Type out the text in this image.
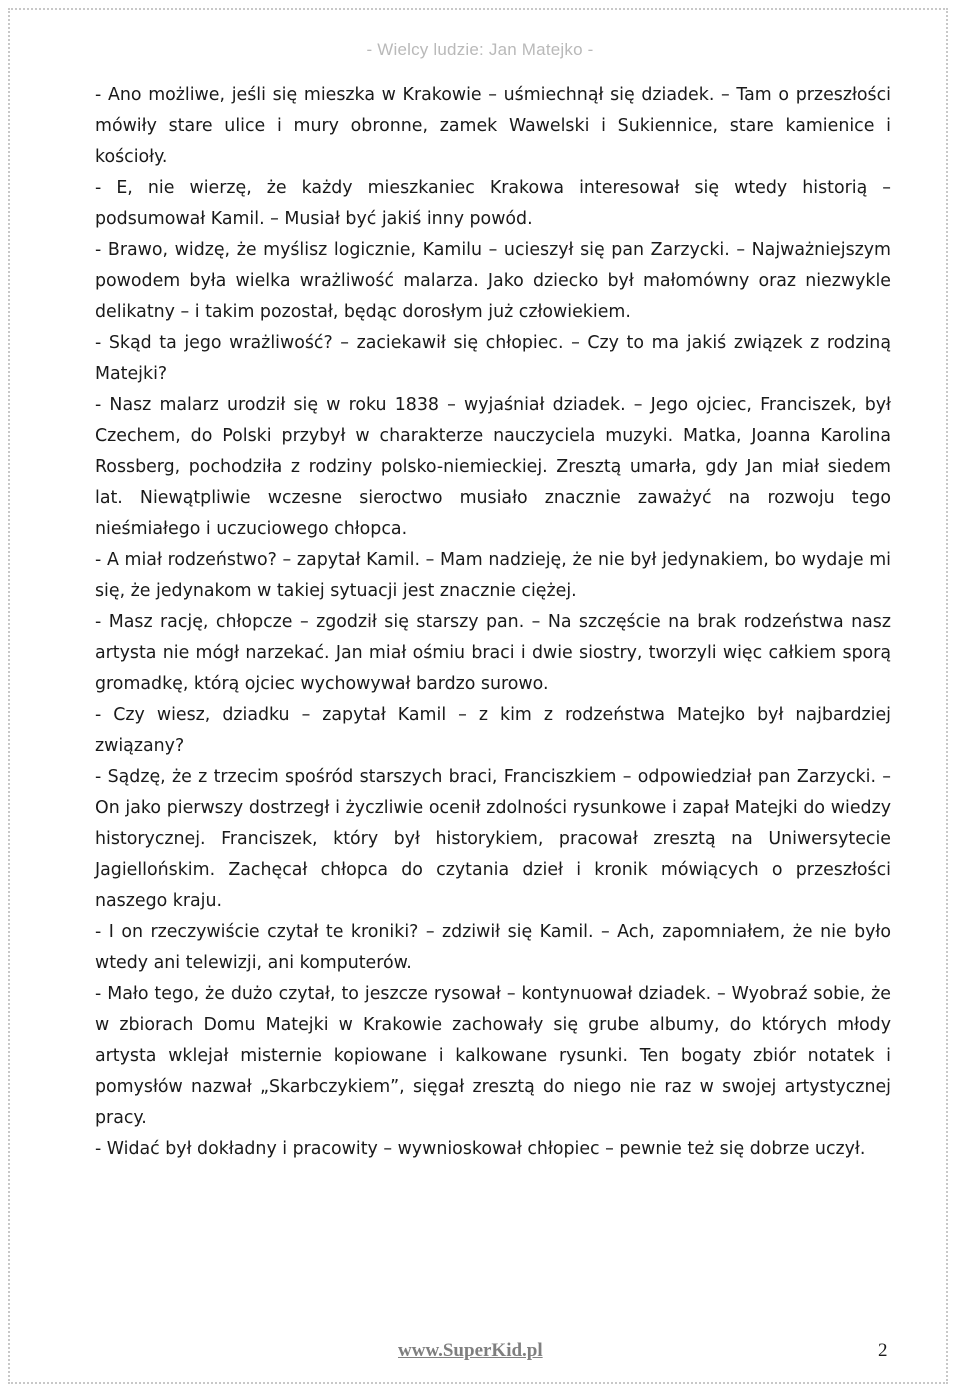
- Wielcy ludzie: Jan Matejko -

- Ano możliwe, jeśli się mieszka w Krakowie – uśmiechnął się dziadek. – Tam o przeszłości mówiły stare ulice i mury obronne, zamek Wawelski i Sukiennice, stare kamienice i kościoły.

- E, nie wierzę, że każdy mieszkaniec Krakowa interesował się wtedy historią – podsumował Kamil. – Musiał być jakiś inny powód.

- Brawo, widzę, że myślisz logicznie, Kamilu – ucieszył się pan Zarzycki. – Najważniejszym powodem była wielka wrażliwość malarza. Jako dziecko był małomówny oraz niezwykle delikatny – i takim pozostał, będąc dorosłym już człowiekiem.

- Skąd ta jego wrażliwość? – zaciekawił się chłopiec. – Czy to ma jakiś związek z rodziną Matejki?

- Nasz malarz urodził się w roku 1838 – wyjaśniał dziadek. – Jego ojciec, Franciszek, był Czechem, do Polski przybył w charakterze nauczyciela muzyki. Matka, Joanna Karolina Rossberg, pochodziła z rodziny polsko-niemieckiej. Zresztą umarła, gdy Jan miał siedem lat. Niewątpliwie wczesne sieroctwo musiało znacznie zaważyć na rozwoju tego nieśmiałego i uczuciowego chłopca.

- A miał rodzeństwo? – zapytał Kamil. – Mam nadzieję, że nie był jedynakiem, bo wydaje mi się, że jedynakom w takiej sytuacji jest znacznie ciężej.

- Masz rację, chłopcze – zgodził się starszy pan. – Na szczęście na brak rodzeństwa nasz artysta nie mógł narzekać. Jan miał ośmiu braci i dwie siostry, tworzyli więc całkiem sporą gromadkę, którą ojciec wychowywał bardzo surowo.

- Czy wiesz, dziadku – zapytał Kamil – z kim z rodzeństwa Matejko był najbardziej związany?

- Sądzę, że z trzecim spośród starszych braci, Franciszkiem – odpowiedział pan Zarzycki. – On jako pierwszy dostrzegł i życzliwie ocenił zdolności rysunkowe i zapał Matejki do wiedzy historycznej. Franciszek, który był historykiem, pracował zresztą na Uniwersytecie Jagiellońskim. Zachęcał chłopca do czytania dzieł i kronik mówiących o przeszłości naszego kraju.

- I on rzeczywiście czytał te kroniki? – zdziwił się Kamil. – Ach, zapomniałem, że nie było wtedy ani telewizji, ani komputerów.

- Mało tego, że dużo czytał, to jeszcze rysował – kontynuował dziadek. – Wyobraź sobie, że w zbiorach Domu Matejki w Krakowie zachowały się grube albumy, do których młody artysta wklejał misternie kopiowane i kalkowane rysunki. Ten bogaty zbiór notatek i pomysłów nazwał „Skarbczykiem”, sięgał zresztą do niego nie raz w swojej artystycznej pracy.

- Widać był dokładny i pracowity – wywnioskował chłopiec – pewnie też się dobrze uczył.

www.SuperKid.pl	2
